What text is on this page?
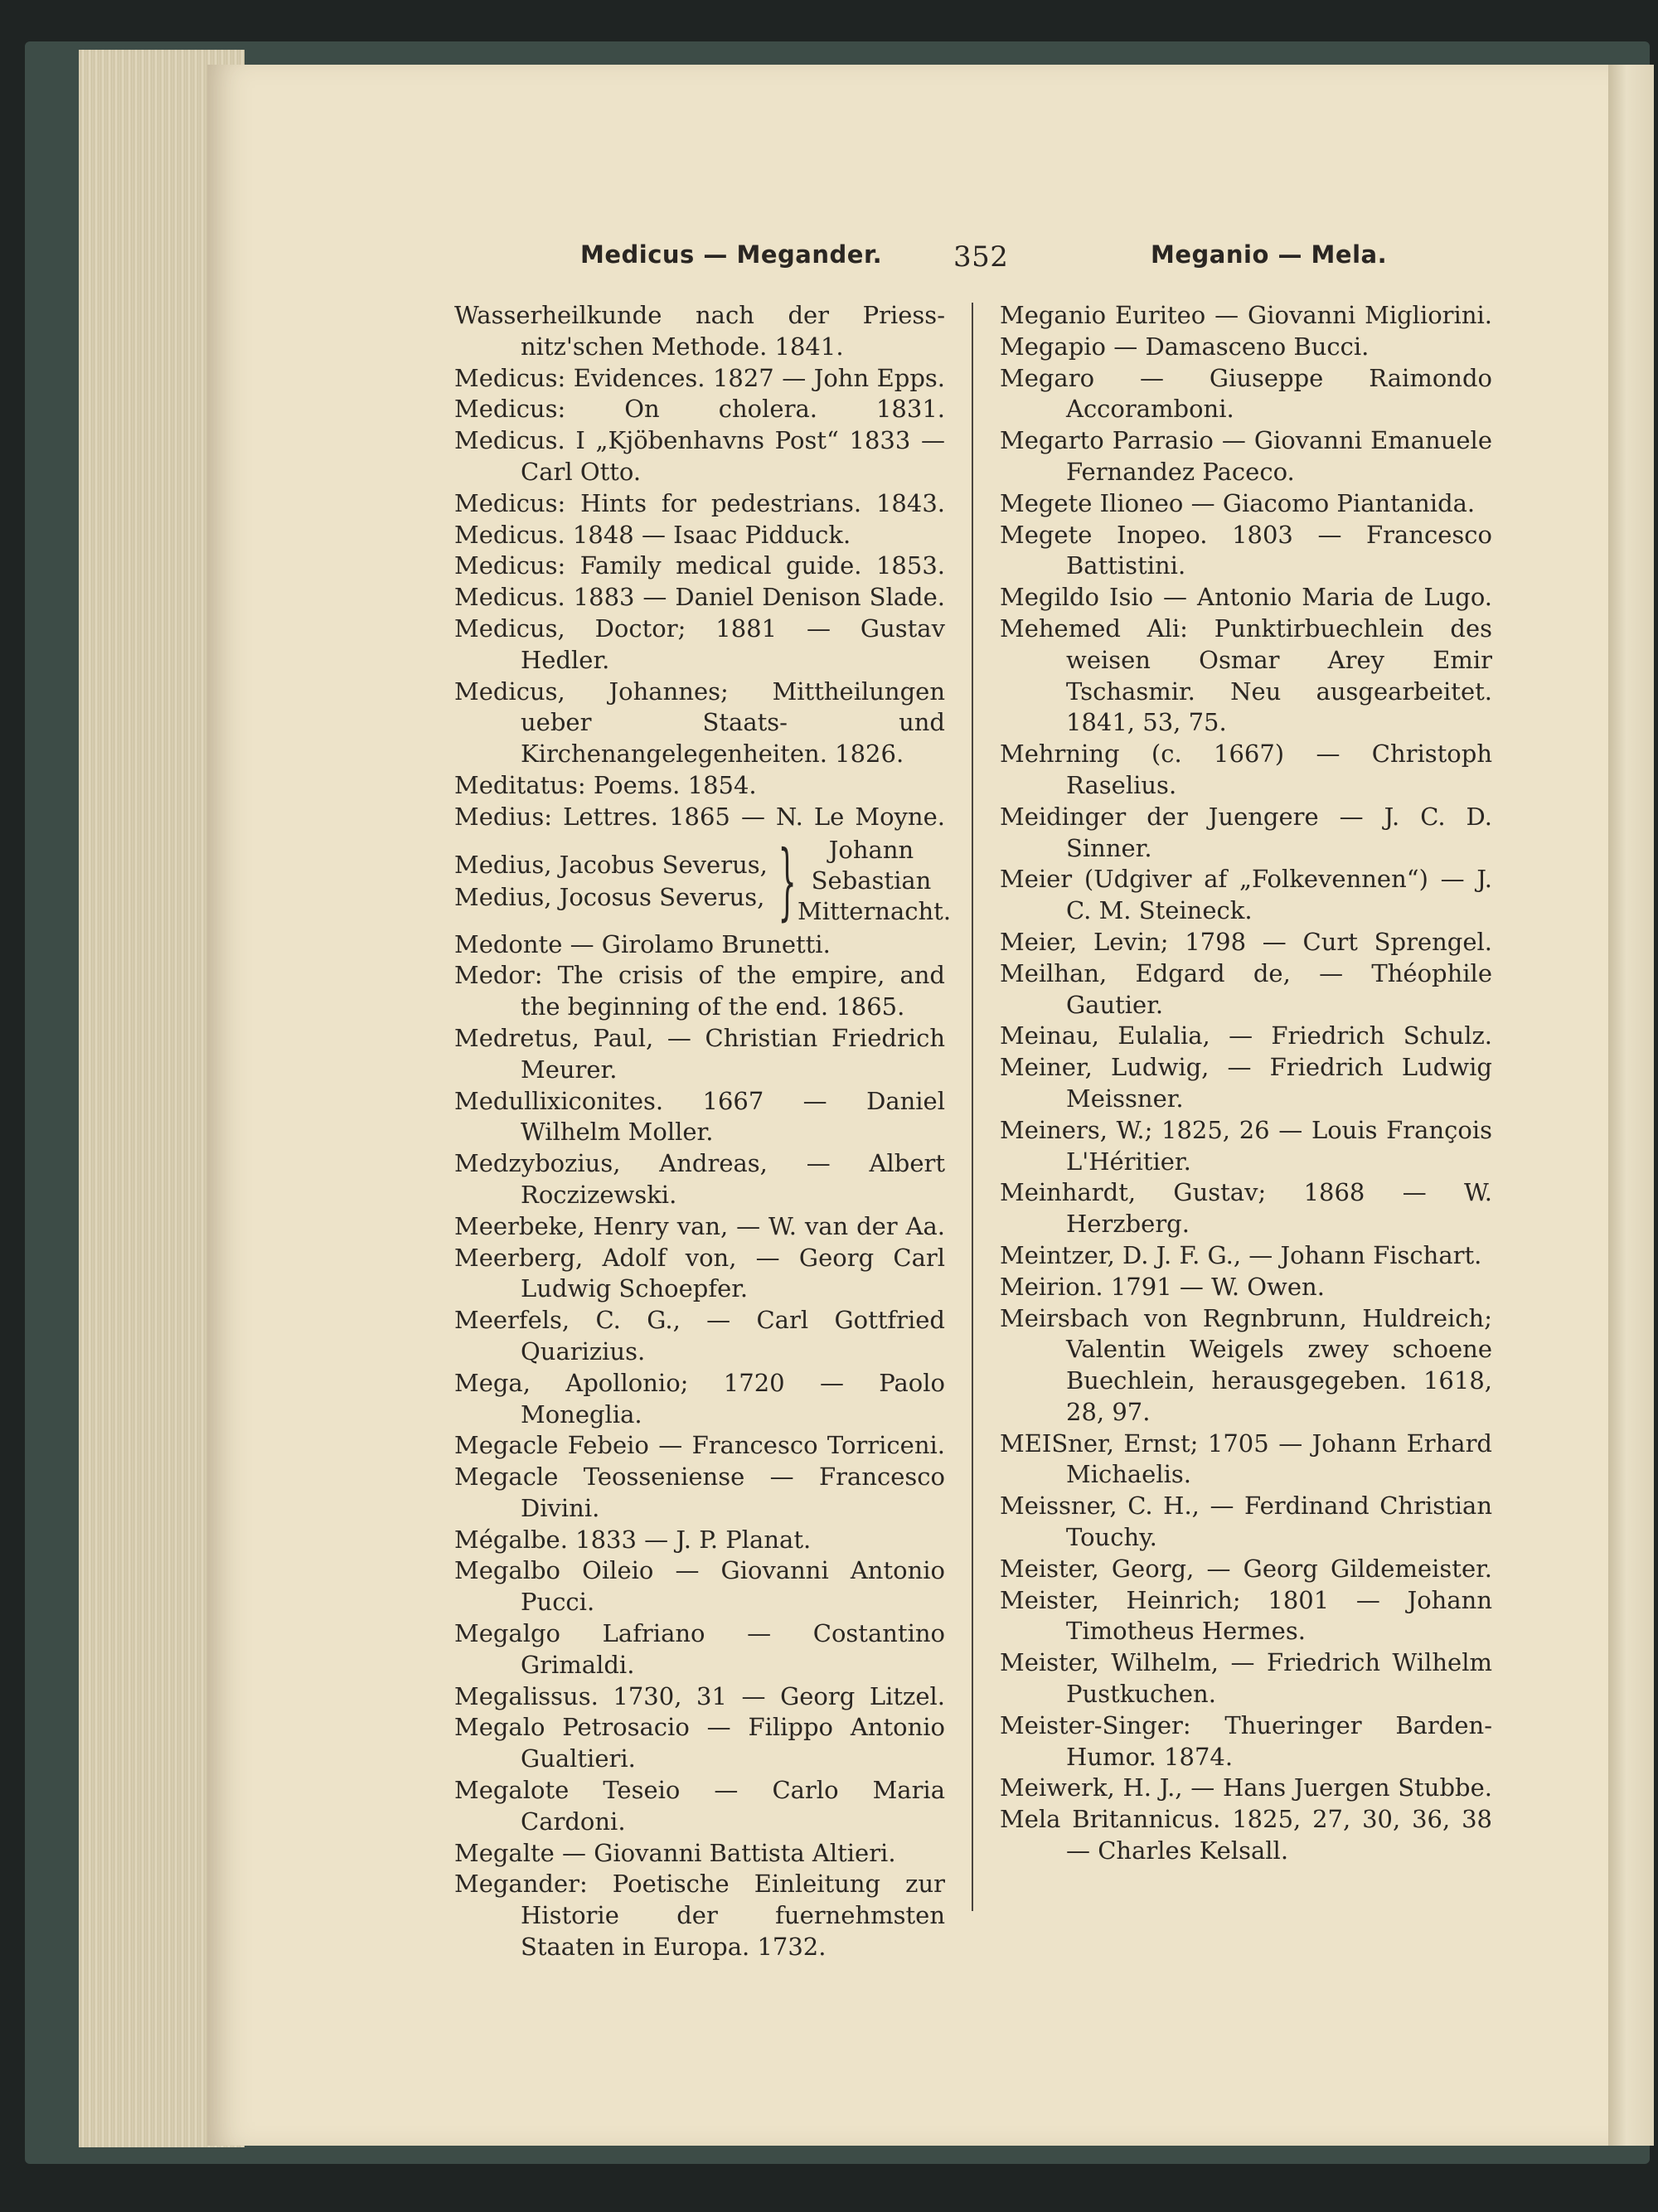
Medicus — Megander.	352	Meganio — Mela.
Wasserheilkunde nach der Priess-nitz'schen Methode. 1841.
Medicus: Evidences. 1827 — John Epps.
Medicus: On cholera. 1831.
Medicus. I „Kjöbenhavns Post“ 1833 — Carl Otto.
Medicus: Hints for pedestrians. 1843.
Medicus. 1848 — Isaac Pidduck.
Medicus: Family medical guide. 1853.
Medicus. 1883 — Daniel Denison Slade.
Medicus, Doctor; 1881 — Gustav Hedler.
Medicus, Johannes; Mittheilungen ueber Staats- und Kirchenangelegenheiten. 1826.
Meditatus: Poems. 1854.
Medius: Lettres. 1865 — N. Le Moyne.
Medius, Jacobus Severus,
Medius, Jocosus Severus, }	Johann
Sebastian
Mitternacht.
Medonte — Girolamo Brunetti.
Medor: The crisis of the empire, and the beginning of the end. 1865.
Medretus, Paul, — Christian Friedrich Meurer.
Medullixiconites. 1667 — Daniel Wilhelm Moller.
Medzybozius, Andreas, — Albert Roczizewski.
Meerbeke, Henry van, — W. van der Aa.
Meerberg, Adolf von, — Georg Carl Ludwig Schoepfer.
Meerfels, C. G., — Carl Gottfried Quarizius.
Mega, Apollonio; 1720 — Paolo Moneglia.
Megacle Febeio — Francesco Torriceni.
Megacle Teosseniense — Francesco Divini.
Mégalbe. 1833 — J. P. Planat.
Megalbo Oileio — Giovanni Antonio Pucci.
Megalgo Lafriano — Costantino Grimaldi.
Megalissus. 1730, 31 — Georg Litzel.
Megalo Petrosacio — Filippo Antonio Gualtieri.
Megalote Teseio — Carlo Maria Cardoni.
Megalte — Giovanni Battista Altieri.
Megander: Poetische Einleitung zur Historie der fuernehmsten Staaten in Europa. 1732.
Meganio Euriteo — Giovanni Migliorini.
Megapio — Damasceno Bucci.
Megaro — Giuseppe Raimondo Accoramboni.
Megarto Parrasio — Giovanni Emanuele Fernandez Paceco.
Megete Ilioneo — Giacomo Piantanida.
Megete Inopeo. 1803 — Francesco Battistini.
Megildo Isio — Antonio Maria de Lugo.
Mehemed Ali: Punktirbuechlein des weisen Osmar Arey Emir Tschasmir. Neu ausgearbeitet. 1841, 53, 75.
Mehrning (c. 1667) — Christoph Raselius.
Meidinger der Juengere — J. C. D. Sinner.
Meier (Udgiver af „Folkevennen“) — J. C. M. Steineck.
Meier, Levin; 1798 — Curt Sprengel.
Meilhan, Edgard de, — Théophile Gautier.
Meinau, Eulalia, — Friedrich Schulz.
Meiner, Ludwig, — Friedrich Ludwig Meissner.
Meiners, W.; 1825, 26 — Louis François L'Héritier.
Meinhardt, Gustav; 1868 — W. Herzberg.
Meintzer, D. J. F. G., — Johann Fischart.
Meirion. 1791 — W. Owen.
Meirsbach von Regnbrunn, Huldreich; Valentin Weigels zwey schoene Buechlein, herausgegeben. 1618, 28, 97.
MEISner, Ernst; 1705 — Johann Erhard Michaelis.
Meissner, C. H., — Ferdinand Christian Touchy.
Meister, Georg, — Georg Gildemeister.
Meister, Heinrich; 1801 — Johann Timotheus Hermes.
Meister, Wilhelm, — Friedrich Wilhelm Pustkuchen.
Meister-Singer: Thueringer Barden-Humor. 1874.
Meiwerk, H. J., — Hans Juergen Stubbe.
Mela Britannicus. 1825, 27, 30, 36, 38 — Charles Kelsall.
